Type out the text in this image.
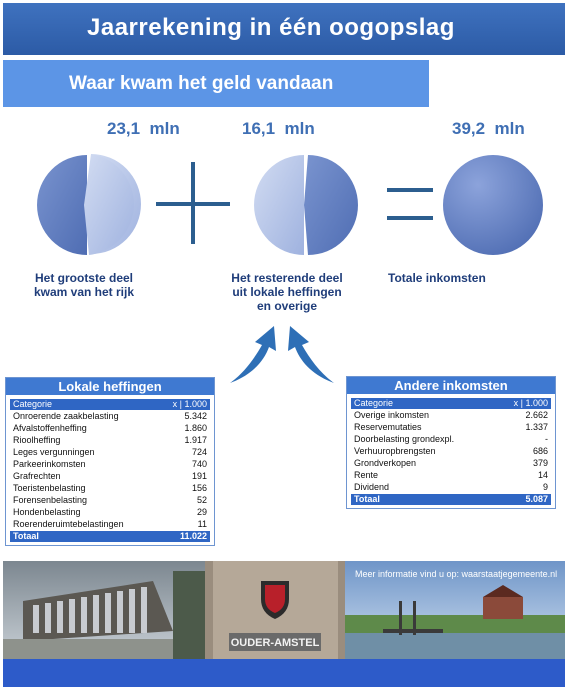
Jaarrekening in één oogopslag
Waar kwam het geld vandaan
23,1  mln	16,1  mln	39,2  mln
Het grootste deel
kwam van het rijk
Het resterende deel
uit lokale heffingen
en overige
Totale inkomsten
Lokale heffingen
Categorie	x | 1.000
Onroerende zaakbelasting	5.342
Afvalstoffenheffing	1.860
Rioolheffing	1.917
Leges vergunningen	724
Parkeerinkomsten	740
Grafrechten	191
Toeristenbelasting	156
Forensenbelasting	52
Hondenbelasting	29
Roerenderuimtebelastingen	11
Totaal	11.022
Andere inkomsten
Categorie	x | 1.000
Overige inkomsten	2.662
Reservemutaties	1.337
Doorbelasting grondexpl.	-
Verhuuropbrengsten	686
Grondverkopen	379
Rente	14
Dividend	9
Totaal	5.087
OUDER-AMSTEL
Meer informatie vind u op: waarstaatjegemeente.nl
